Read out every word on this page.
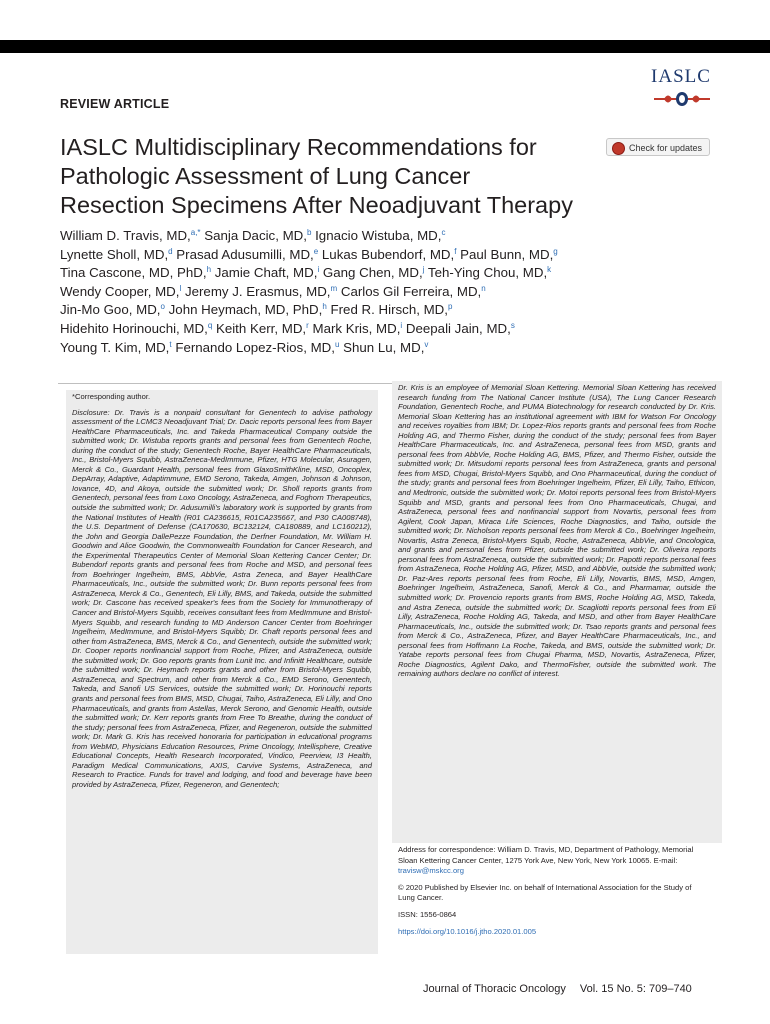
IASLC
REVIEW ARTICLE
IASLC Multidisciplinary Recommendations for Pathologic Assessment of Lung Cancer Resection Specimens After Neoadjuvant Therapy
Check for updates
William D. Travis, MD,$^{a,*}$ Sanja Dacic, MD,$^b$ Ignacio Wistuba, MD,$^c$
Lynette Sholl, MD,$^d$ Prasad Adusumilli, MD,$^e$ Lukas Bubendorf, MD,$^f$ Paul Bunn, MD,$^g$
Tina Cascone, MD, PhD,$^h$ Jamie Chaft, MD,$^i$ Gang Chen, MD,$^j$ Teh-Ying Chou, MD,$^k$
Wendy Cooper, MD,$^l$ Jeremy J. Erasmus, MD,$^m$ Carlos Gil Ferreira, MD,$^n$
Jin-Mo Goo, MD,$^o$ John Heymach, MD, PhD,$^h$ Fred R. Hirsch, MD,$^p$
Hidehito Horinouchi, MD,$^q$ Keith Kerr, MD,$^r$ Mark Kris, MD,$^i$ Deepali Jain, MD,$^s$
Young T. Kim, MD,$^t$ Fernando Lopez-Rios, MD,$^u$ Shun Lu, MD,$^v$

*Corresponding author.

Disclosure: Dr. Travis is a nonpaid consultant for Genentech to advise pathology assessment of the LCMC3 Neoadjuvant Trial; Dr. Dacic reports personal fees from Bayer HealthCare Pharmaceuticals, Inc. and Takeda Pharmaceutical Company outside the submitted work; Dr. Wistuba reports grants and personal fees from Genentech Roche, during the conduct of the study; Genentech Roche, Bayer HealthCare Pharmaceuticals, Inc., Bristol-Myers Squibb, AstraZeneca-MedImmune, Pfizer, HTG Molecular, Asuragen, Merck & Co., Guardant Health, personal fees from GlaxoSmithKline, MSD, Oncoplex, DepArray, Adaptive, Adaptimmune, EMD Serono, Takeda, Amgen, Johnson & Johnson, Iovance, 4D, and Akoya, outside the submitted work; Dr. Sholl reports grants from Genentech, personal fees from Loxo Oncology, AstraZeneca, and Foghorn Therapeutics, outside the submitted work; Dr. Adusumilli's laboratory work is supported by grants from the National Institutes of Health (R01 CA236615, R01CA235667, and P30 CA008748), the U.S. Department of Defense (CA170630, BC132124, CA180889, and LC160212), the John and Georgia DallePezze Foundation, the Derfner Foundation, Mr. William H. Goodwin and Alice Goodwin, the Commonwealth Foundation for Cancer Research, and the Experimental Therapeutics Center of Memorial Sloan Kettering Cancer Center; Dr. Bubendorf reports grants and personal fees from Roche and MSD, and personal fees from Boehringer Ingelheim, BMS, AbbVie, Astra Zeneca, and Bayer HealthCare Pharmaceuticals, Inc., outside the submitted work; Dr. Bunn reports personal fees from AstraZeneca, Merck & Co., Genentech, Eli Lilly, BMS, and Takeda, outside the submitted work; Dr. Cascone has received speaker's fees from the Society for Immunotherapy of Cancer and Bristol-Myers Squibb, receives consultant fees from MedImmune and Bristol-Myers Squibb, and research funding to MD Anderson Cancer Center from Boehringer Ingelheim, MedImmune, and Bristol-Myers Squibb; Dr. Chaft reports personal fees and other from AstraZeneca, BMS, Merck & Co., and Genentech, outside the submitted work; Dr. Cooper reports nonfinancial support from Roche, Pfizer, and AstraZeneca, outside the submitted work; Dr. Goo reports grants from Lunit Inc. and Infinitt Healthcare, outside the submitted work; Dr. Heymach reports grants and other from Bristol-Myers Squibb, AstraZeneca, and Spectrum, and other from Merck & Co., EMD Serono, Genentech, Takeda, and Sanofi US Services, outside the submitted work; Dr. Horinouchi reports grants and personal fees from BMS, MSD, Chugai, Taiho, AstraZeneca, Eli Lilly, and Ono Pharmaceuticals, and grants from Astellas, Merck Serono, and Genomic Health, outside the submitted work; Dr. Kerr reports grants from Free To Breathe, during the conduct of the study; personal fees from AstraZeneca, Pfizer, and Regeneron, outside the submitted work; Dr. Mark G. Kris has received honoraria for participation in educational programs from WebMD, Physicians Education Resources, Prime Oncology, Intellisphere, Creative Educational Concepts, Health Research Incorporated, Vindico, Peerview, I3 Health, Paradigm Medical Communications, AXIS, Carvive Systems, AstraZeneca, and Research to Practice. Funds for travel and lodging, and food and beverage have been provided by AstraZeneca, Pfizer, Regeneron, and Genentech;

Dr. Kris is an employee of Memorial Sloan Kettering. Memorial Sloan Kettering has received research funding from The National Cancer Institute (USA), The Lung Cancer Research Foundation, Genentech Roche, and PUMA Biotechnology for research conducted by Dr. Kris. Memorial Sloan Kettering has an institutional agreement with IBM for Watson For Oncology and receives royalties from IBM; Dr. Lopez-Rios reports grants and personal fees from Roche Holding AG, and Thermo Fisher, during the conduct of the study; personal fees from Bayer HealthCare Pharmaceuticals, Inc. and AstraZeneca, personal fees from MSD, grants and personal fees from AbbVie, Roche Holding AG, BMS, Pfizer, and Thermo Fisher, outside the submitted work; Dr. Mitsudomi reports personal fees from AstraZeneca, grants and personal fees from MSD, Chugai, Bristol-Myers Squibb, and Ono Pharmaceutical, during the conduct of the study; grants and personal fees from Boehringer Ingelheim, Pfizer, Eli Lilly, Taiho, Ethicon, and Medtronic, outside the submitted work; Dr. Motoi reports personal fees from Bristol-Myers Squibb and MSD, grants and personal fees from Ono Pharmaceuticals, Chugai, and AstraZeneca, personal fees and nonfinancial support from Novartis, personal fees from Agilent, Cook Japan, Miraca Life Sciences, Roche Diagnostics, and Taiho, outside the submitted work; Dr. Nicholson reports personal fees from Merck & Co., Boehringer Ingelheim, Novartis, Astra Zeneca, Bristol-Myers Squib, Roche, AstraZeneca, AbbVie, and Oncologica, and grants and personal fees from Pfizer, outside the submitted work; Dr. Oliveira reports personal fees from AstraZeneca, outside the submitted work; Dr. Papotti reports personal fees from AstraZeneca, Roche Holding AG, Pfizer, MSD, and AbbVie, outside the submitted work; Dr. Paz-Ares reports personal fees from Roche, Eli Lilly, Novartis, BMS, MSD, Amgen, Boehringer Ingelheim, AstraZeneca, Sanofi, Merck & Co., and Pharmamar, outside the submitted work; Dr. Provencio reports grants from BMS, Roche Holding AG, MSD, Takeda, and Astra Zeneca, outside the submitted work; Dr. Scagliotti reports personal fees from Eli Lilly, AstraZeneca, Roche Holding AG, Takeda, and MSD, and other from Bayer HealthCare Pharmaceuticals, Inc., outside the submitted work; Dr. Tsao reports grants and personal fees from Merck & Co., AstraZeneca, Pfizer, and Bayer HealthCare Pharmaceuticals, Inc., and personal fees from Hoffmann La Roche, Takeda, and BMS, outside the submitted work; Dr. Yatabe reports personal fees from Chugai Pharma, MSD, Novartis, AstraZeneca, Pfizer, Roche Diagnostics, Agilent Dako, and ThermoFisher, outside the submitted work. The remaining authors declare no conflict of interest.

Address for correspondence: William D. Travis, MD, Department of Pathology, Memorial Sloan Kettering Cancer Center, 1275 York Ave, New York, New York 10065. E-mail: travisw@mskcc.org

© 2020 Published by Elsevier Inc. on behalf of International Association for the Study of Lung Cancer.

ISSN: 1556-0864

https://doi.org/10.1016/j.jtho.2020.01.005

Journal of Thoracic Oncology Vol. 15 No. 5: 709–740
